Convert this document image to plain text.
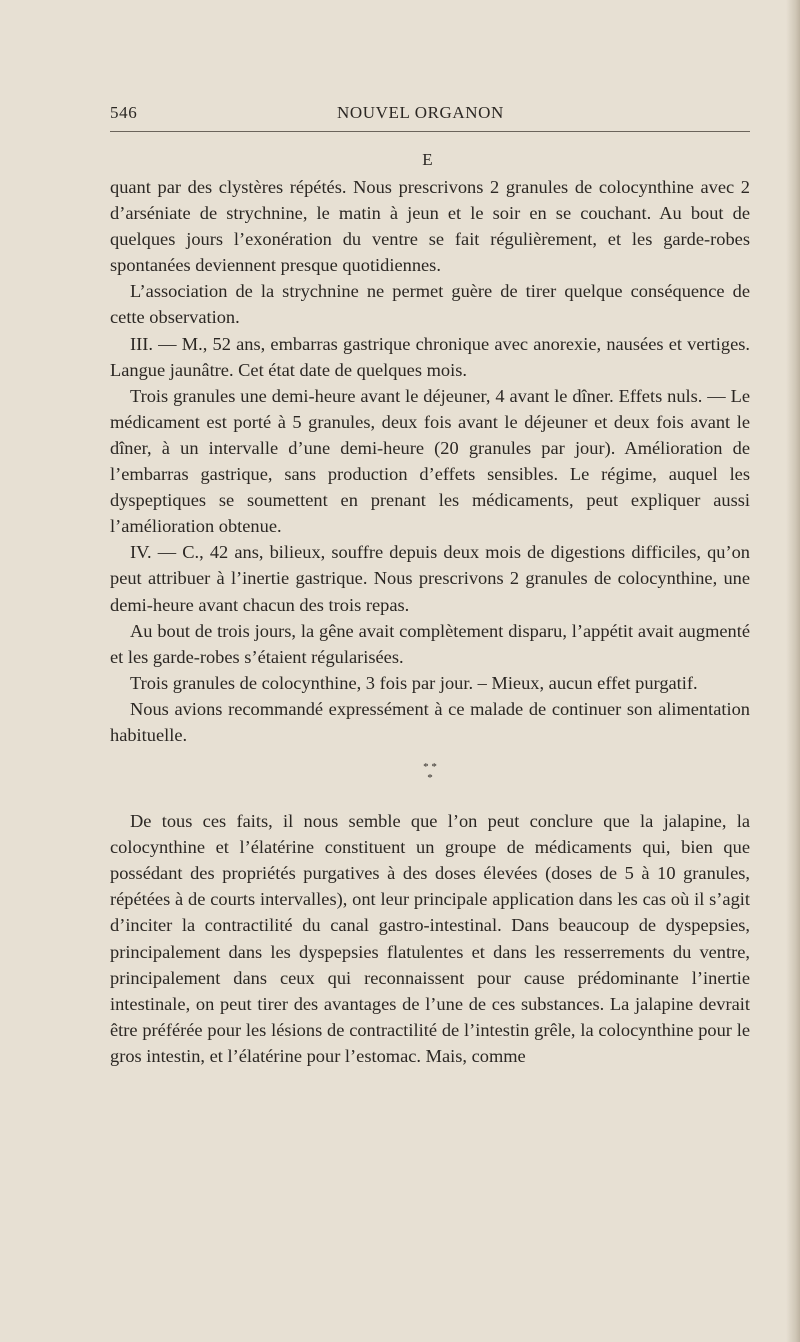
546	NOUVEL ORGANON
E

quant par des clystères répétés. Nous prescrivons 2 granules de colocynthine avec 2 d’arséniate de strychnine, le matin à jeun et le soir en se couchant. Au bout de quelques jours l’exonération du ventre se fait régulièrement, et les garde-robes spontanées deviennent presque quotidiennes.

L’association de la strychnine ne permet guère de tirer quelque conséquence de cette observation.

III. — M., 52 ans, embarras gastrique chronique avec anorexie, nausées et vertiges. Langue jaunâtre. Cet état date de quelques mois.

Trois granules une demi-heure avant le déjeuner, 4 avant le dîner. Effets nuls. — Le médicament est porté à 5 granules, deux fois avant le déjeuner et deux fois avant le dîner, à un intervalle d’une demi-heure (20 granules par jour). Amélioration de l’embarras gastrique, sans production d’effets sensibles. Le régime, auquel les dyspeptiques se soumettent en prenant les médicaments, peut expliquer aussi l’amélioration obtenue.

IV. — C., 42 ans, bilieux, souffre depuis deux mois de digestions difficiles, qu’on peut attribuer à l’inertie gastrique. Nous prescrivons 2 granules de colocynthine, une demi-heure avant chacun des trois repas.

Au bout de trois jours, la gêne avait complètement disparu, l’appétit avait augmenté et les garde-robes s’étaient régularisées.

Trois granules de colocynthine, 3 fois par jour. – Mieux, aucun effet purgatif.

Nous avions recommandé expressément à ce malade de continuer son alimentation habituelle.

* *
*

De tous ces faits, il nous semble que l’on peut conclure que la jalapine, la colocynthine et l’élatérine constituent un groupe de médicaments qui, bien que possédant des propriétés purgatives à des doses élevées (doses de 5 à 10 granules, répétées à de courts intervalles), ont leur principale application dans les cas où il s’agit d’inciter la contractilité du canal gastro-intestinal. Dans beaucoup de dyspepsies, principalement dans les dyspepsies flatulentes et dans les resserrements du ventre, principalement dans ceux qui reconnaissent pour cause prédominante l’inertie intestinale, on peut tirer des avantages de l’une de ces substances. La jalapine devrait être préférée pour les lésions de contractilité de l’intestin grêle, la colocynthine pour le gros intestin, et l’élatérine pour l’estomac. Mais, comme
